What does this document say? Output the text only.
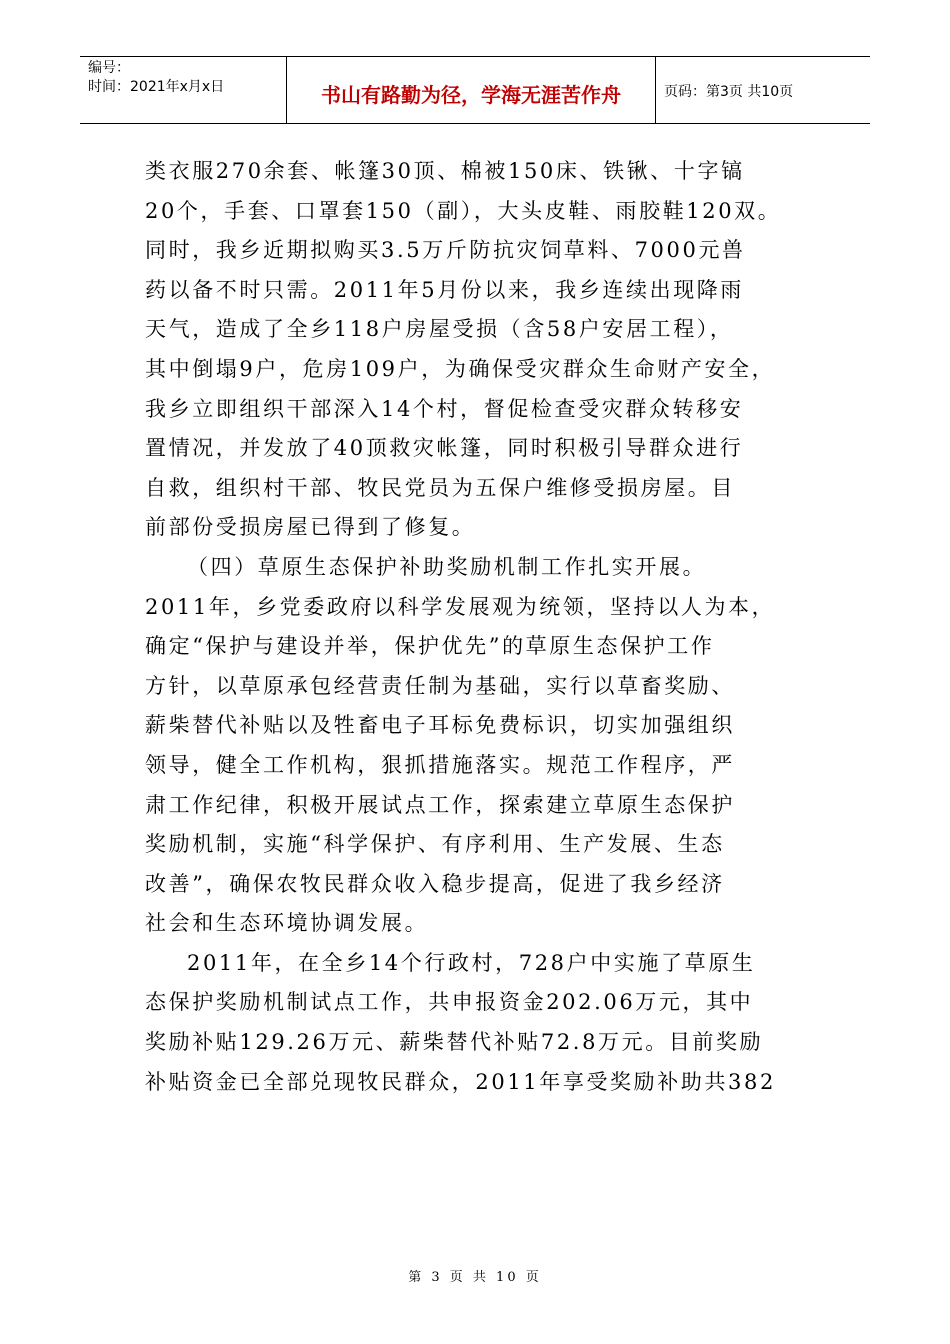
编号：
时间：2021年x月x日	书山有路勤为径，学海无涯苦作舟	页码：第3页 共10页
类衣服270余套、帐篷30顶、棉被150床、铁锹、十字镐
20个，手套、口罩套150（副），大头皮鞋、雨胶鞋120双。
同时，我乡近期拟购买3.5万斤防抗灾饲草料、7000元兽
药以备不时只需。2011年5月份以来，我乡连续出现降雨
天气，造成了全乡118户房屋受损（含58户安居工程），
其中倒塌9户，危房109户，为确保受灾群众生命财产安全，
我乡立即组织干部深入14个村，督促检查受灾群众转移安
置情况，并发放了40顶救灾帐篷，同时积极引导群众进行
自救，组织村干部、牧民党员为五保户维修受损房屋。目
前部份受损房屋已得到了修复。
（四）草原生态保护补助奖励机制工作扎实开展。
2011年，乡党委政府以科学发展观为统领，坚持以人为本，
确定“保护与建设并举，保护优先”的草原生态保护工作
方针，以草原承包经营责任制为基础，实行以草畜奖励、
薪柴替代补贴以及牲畜电子耳标免费标识，切实加强组织
领导，健全工作机构，狠抓措施落实。规范工作程序，严
肃工作纪律，积极开展试点工作，探索建立草原生态保护
奖励机制，实施“科学保护、有序利用、生产发展、生态
改善”，确保农牧民群众收入稳步提高，促进了我乡经济
社会和生态环境协调发展。
2011年，在全乡14个行政村，728户中实施了草原生
态保护奖励机制试点工作，共申报资金202.06万元，其中
奖励补贴129.26万元、薪柴替代补贴72.8万元。目前奖励
补贴资金已全部兑现牧民群众，2011年享受奖励补助共382
第 3 页 共 10 页
